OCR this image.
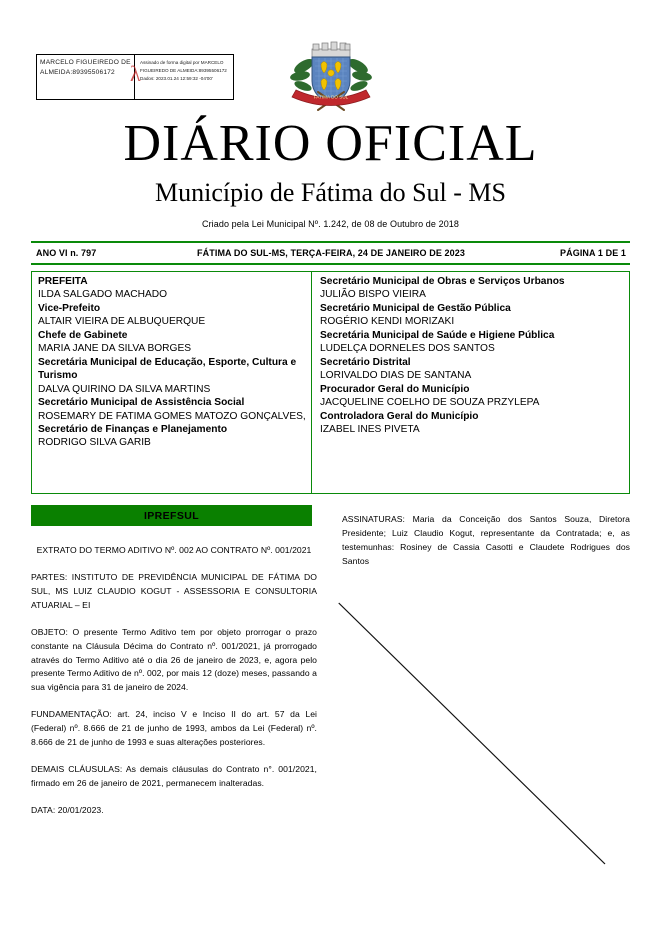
MARCELO FIGUEIREDO DE ALMEIDA:89395506172 λ Assinado de forma digital por MARCELO FIGUEIREDO DE ALMEIDA:89395506172 Dados: 2023.01.24 12:59:32 -04'00'
FATIMA DO SUL
DIÁRIO OFICIAL
Município de Fátima do Sul - MS
Criado pela Lei Municipal Nº. 1.242, de 08 de Outubro de 2018
ANO VI n. 797	FÁTIMA DO SUL-MS, TERÇA-FEIRA, 24 DE JANEIRO DE 2023	PÁGINA 1 DE 1
PREFEITA
ILDA SALGADO MACHADO
Vice-Prefeito
ALTAIR VIEIRA DE ALBUQUERQUE
Chefe de Gabinete
MARIA JANE DA SILVA BORGES
Secretária Municipal de Educação, Esporte, Cultura e Turismo
DALVA QUIRINO DA SILVA MARTINS
Secretário Municipal de Assistência Social
ROSEMARY DE FATIMA GOMES MATOZO GONÇALVES,
Secretário de Finanças e Planejamento
RODRIGO SILVA GARIB
Secretário Municipal de Obras e Serviços Urbanos
JULIÃO BISPO VIEIRA
Secretário Municipal de Gestão Pública
ROGÉRIO KENDI MORIZAKI
Secretária Municipal de Saúde e Higiene Pública
LUDELÇA DORNELES DOS SANTOS
Secretário Distrital
LORIVALDO DIAS DE SANTANA
Procurador Geral do Município
JACQUELINE COELHO DE SOUZA PRZYLEPA
Controladora Geral do Município
IZABEL INES PIVETA
IPREFSUL
EXTRATO DO TERMO ADITIVO Nº. 002 AO CONTRATO Nº. 001/2021
PARTES: INSTITUTO DE PREVIDÊNCIA MUNICIPAL DE FÁTIMA DO SUL, MS LUIZ CLAUDIO KOGUT - ASSESSORIA E CONSULTORIA ATUARIAL – EI
OBJETO: O presente Termo Aditivo tem por objeto prorrogar o prazo constante na Cláusula Décima do Contrato nº. 001/2021, já prorrogado através do Termo Aditivo até o dia 26 de janeiro de 2023, e, agora pelo presente Termo Aditivo de nº. 002, por mais 12 (doze) meses, passando a sua vigência para 31 de janeiro de 2024.
FUNDAMENTAÇÃO: art. 24, inciso V e Inciso II do art. 57 da Lei (Federal) nº. 8.666 de 21 de junho de 1993, ambos da Lei (Federal) nº. 8.666 de 21 de junho de 1993 e suas alterações posteriores.
DEMAIS CLÁUSULAS: As demais cláusulas do Contrato n°. 001/2021, firmado em 26 de janeiro de 2021, permanecem inalteradas.
DATA: 20/01/2023.
ASSINATURAS: Maria da Conceição dos Santos Souza, Diretora Presidente; Luiz Claudio Kogut, representante da Contratada; e, as testemunhas: Rosiney de Cassia Casotti e Claudete Rodrigues dos Santos
